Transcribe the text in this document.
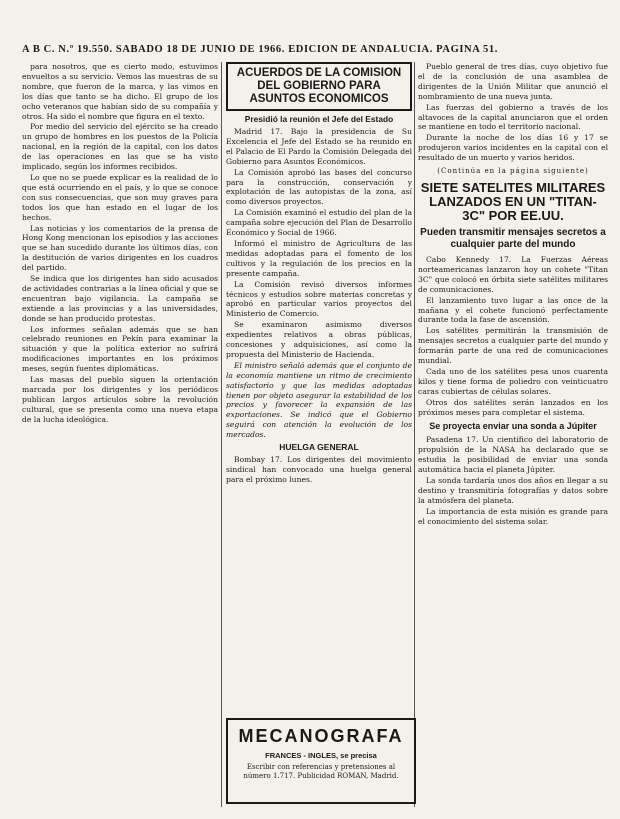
A B C. N.º 19.550. SABADO 18 DE JUNIO DE 1966. EDICION DE ANDALUCIA. PAGINA 51.

para nosotros, que es cierto modo, estuvimos envueltos a su servicio. Vemos las muestras de su nombre, que fueron de la marca, y las vimos en los días que tanto se ha dicho. El grupo de los ocho veteranos que habían sido de su compañía y otros. Ha sido el nombre que figura en el texto.

Por medio del servicio del ejército se ha creado un grupo de hombres en los puestos de la Policía nacional, en la región de la capital, con los datos de las operaciones en las que se ha visto implicado, según los informes recibidos.

Lo que no se puede explicar es la realidad de lo que está ocurriendo en el país, y lo que se conoce con sus consecuencias, que son muy graves para todos los que han estado en el lugar de los hechos.

Las noticias y los comentarios de la prensa de Hong Kong mencionan los episodios y las acciones que se han sucedido durante los últimos días, con la destitución de varios dirigentes en los cuadros del partido.

Se indica que los dirigentes han sido acusados de actividades contrarias a la línea oficial y que se encuentran bajo vigilancia. La campaña se extiende a las provincias y a las universidades, donde se han producido protestas.

Los informes señalan además que se han celebrado reuniones en Pekín para examinar la situación y que la política exterior no sufrirá modificaciones importantes en los próximos meses, según fuentes diplomáticas.

Las masas del pueblo siguen la orientación marcada por los dirigentes y los periódicos publican largos artículos sobre la revolución cultural, que se presenta como una nueva etapa de la lucha ideológica.

ACUERDOS DE LA COMISION DEL GOBIERNO PARA ASUNTOS ECONOMICOS
Presidió la reunión el Jefe del Estado

Madrid 17. Bajo la presidencia de Su Excelencia el Jefe del Estado se ha reunido en el Palacio de El Pardo la Comisión Delegada del Gobierno para Asuntos Económicos.

La Comisión aprobó las bases del concurso para la construcción, conservación y explotación de las autopistas de la zona, así como diversos proyectos.

La Comisión examinó el estudio del plan de la campaña sobre ejecución del Plan de Desarrollo Económico y Social de 1966.

Informó el ministro de Agricultura de las medidas adoptadas para el fomento de los cultivos y la regulación de los precios en la presente campaña.

La Comisión revisó diversos informes técnicos y estudios sobre materias concretas y aprobó en particular varios proyectos del Ministerio de Comercio.

Se examinaron asimismo diversos expedientes relativos a obras públicas, concesiones y adquisiciones, así como la propuesta del Ministerio de Hacienda.

El ministro señaló además que el conjunto de la economía mantiene un ritmo de crecimiento satisfactorio y que las medidas adoptadas tienen por objeto asegurar la estabilidad de los precios y favorecer la expansión de las exportaciones. Se indicó que el Gobierno seguirá con atención la evolución de los mercados.

HUELGA GENERAL

Bombay 17. Los dirigentes del movimiento sindical han convocado una huelga general para el próximo lunes.

MECANOGRAFA
FRANCES - INGLES, se precisa
Escribir con referencias y pretensiones al número 1.717. Publicidad ROMAN, Madrid.

Pueblo general de tres días, cuyo objetivo fue el de la conclusión de una asamblea de dirigentes de la Unión Militar que anunció el nombramiento de una nueva junta.

Las fuerzas del gobierno a través de los altavoces de la capital anunciaron que el orden se mantiene en todo el territorio nacional.

Durante la noche de los días 16 y 17 se produjeron varios incidentes en la capital con el resultado de un muerto y varios heridos.

(Continúa en la página siguiente)
SIETE SATELITES MILITARES LANZADOS EN UN "TITAN-3C" POR EE.UU.
Pueden transmitir mensajes secretos a cualquier parte del mundo

Cabo Kennedy 17. La Fuerzas Aéreas norteamericanas lanzaron hoy un cohete "Titan 3C" que colocó en órbita siete satélites militares de comunicaciones.

El lanzamiento tuvo lugar a las once de la mañana y el cohete funcionó perfectamente durante toda la fase de ascensión.

Los satélites permitirán la transmisión de mensajes secretos a cualquier parte del mundo y formarán parte de una red de comunicaciones mundial.

Cada uno de los satélites pesa unos cuarenta kilos y tiene forma de poliedro con veinticuatro caras cubiertas de células solares.

Otros dos satélites serán lanzados en los próximos meses para completar el sistema.

Se proyecta enviar una sonda a Júpiter

Pasadena 17. Un científico del laboratorio de propulsión de la NASA ha declarado que se estudia la posibilidad de enviar una sonda automática hacia el planeta Júpiter.

La sonda tardaría unos dos años en llegar a su destino y transmitiría fotografías y datos sobre la atmósfera del planeta.

La importancia de esta misión es grande para el conocimiento del sistema solar.
